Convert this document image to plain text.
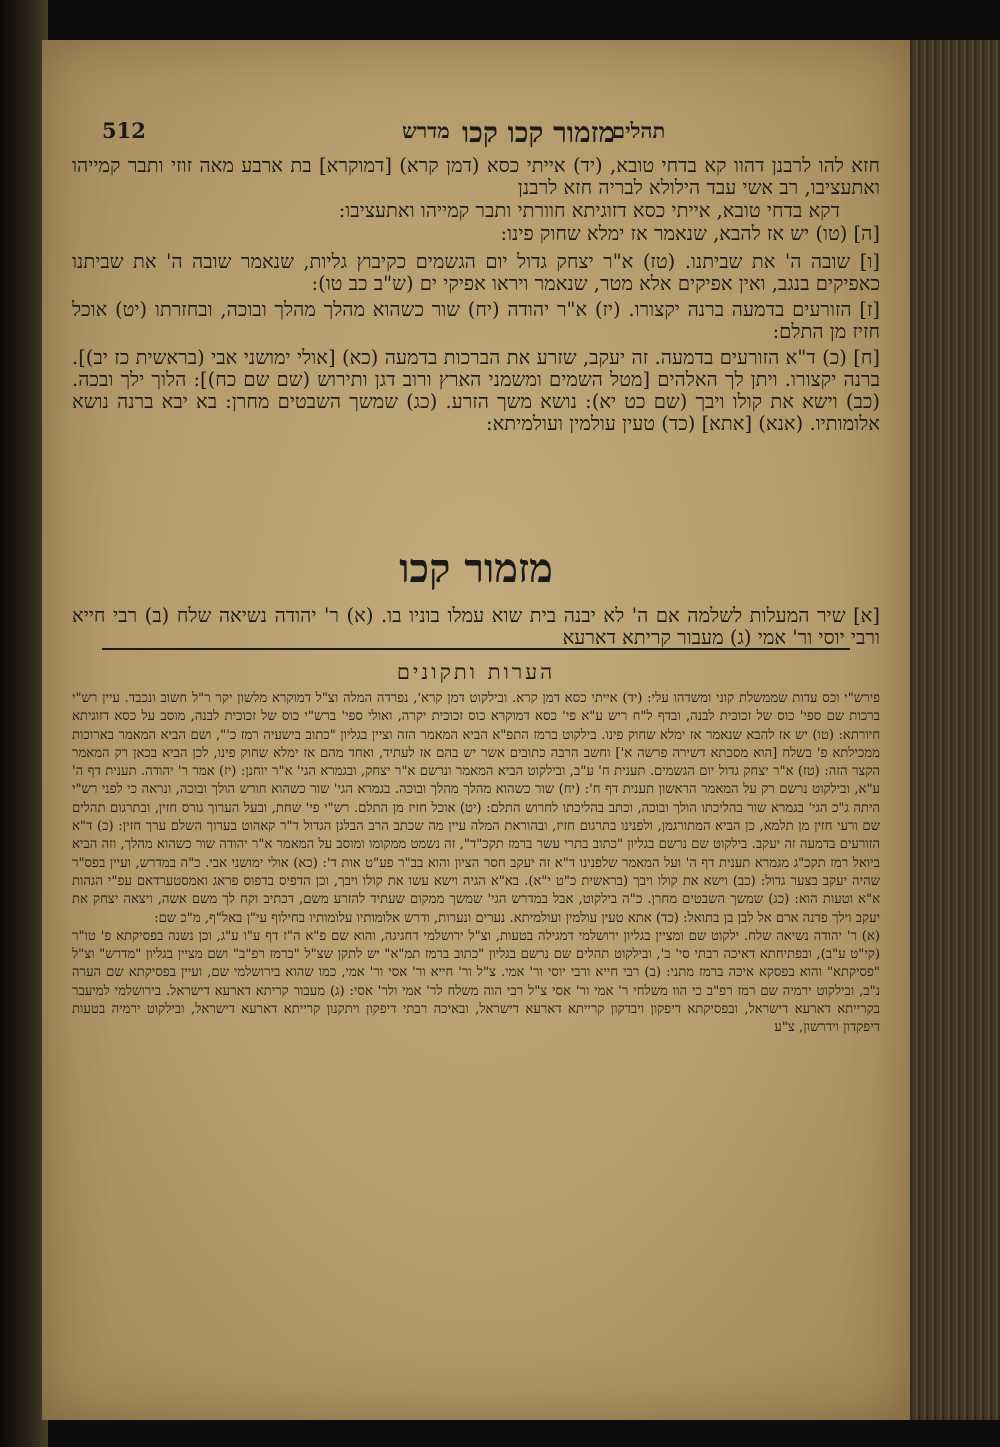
512	מדרש מזמור קכו קכו
תהלים

חזא להו לרבנן דהוו קא בדחי טובא, (יד) אייתי כסא (דמן קרא) [דמוקרא] בת ארבע מאה זוזי ותבר קמייהו ואתעציבו, רב אשי עבד הילולא לבריה חזא לרבנן

דקא בדחי טובא, אייתי כסא דזוגיתא חוורתי ותבר קמייהו ואתעציבו:

[ה] (טו) יש אז להבא, שנאמר אז ימלא שחוק פינו:

[ו] שובה ה' את שביתנו. (טז) א"ר יצחק גדול יום הגשמים כקיבוץ גליות, שנאמר שובה ה' את שביתנו כאפיקים בנגב, ואין אפיקים אלא מטר, שנאמר ויראו אפיקי ים (ש"ב כב טו):

[ז] הזורעים בדמעה ברנה יקצורו. (יז) א"ר יהודה (יח) שור כשהוא מהלך מהלך ובוכה, ובחזרתו (יט) אוכל חזיז מן התלם:

[ח] (כ) ד"א הזורעים בדמעה. זה יעקב, שזרע את הברכות בדמעה (כא) [אולי ימושני אבי (בראשית כז יב)]. ברנה יקצורו. ויתן לך האלהים [מטל השמים ומשמני הארץ ורוב דגן ותירוש (שם שם כח)]: הלוך ילך ובכה. (כב) וישא את קולו ויבך (שם כט יא): נושא משך הזרע. (כג) שמשך השבטים מחרן: בא יבא ברנה נושא אלומותיו. (אנא) [אתא] (כד) טעין עולמין ועולמיתא:

מזמור קכו

[א] שיר המעלות לשלמה אם ה' לא יבנה בית שוא עמלו בוניו בו. (א) ר' יהודה נשיאה שלח (ב) רבי חייא ורבי יוסי ור' אמי (ג) מעבור קריתא דארעא

הערות ותקונים

פירש"י וכס עדות שממשלת קוני ומשדהו עלי: (יד) אייתי כסא דמן קרא. ובילקוט דמן קרא', נפרדה המלה וצ"ל דמוקרא מלשון יקר ר"ל חשוב ונכבד. עיין רש"י ברכות שם ספי' כוס של זכוכית לבנה, ובדף ל"ח ריש ע"א פי' כסא דמוקרא כוס זכוכית יקרה, ואולי ספי' ברש"י כוס של זכוכית לבנה, מוסב על כסא דזוגיתא חיורתא: (טו) יש אז להבא שנאמר אז ימלא שחוק פינו. בילקוט ברמז התפ"א הביא המאמר הזה וציין בגליון "כתוב בישעיה רמז כ'", ושם הביא המאמר בארוכות ממכילתא פ' בשלח [הוא מסכתא דשירה פרשה א'] וחשב הרבה כתובים אשר יש בהם אז לעתיד, ואחד מהם אז ימלא שחוק פינו, לכן הביא בכאן רק המאמר הקצר הזה: (טז) א"ר יצחק גדול יום הגשמים. תענית ח' ע"ב, ובילקוט הביא המאמר ונרשם א"ר יצחק, ובגמרא הגי' א"ר יוחנן: (יז) אמר ר' יהודה. תענית דף ה' ע"א, ובילקוט נרשם רק על המאמר הראשון תענית דף ח': (יח) שור כשהוא מהלך מהלך ובוכה. בגמרא הגי' שור כשהוא חורש הולך ובוכה, ונראה כי לפני רש"י היתה ג"כ הגי' בגמרא שור בהליכתו הולך ובוכה, וכתב בהליכתו לחרוש התלם: (יט) אוכל חזיז מן התלם. רש"י פי' שחת, ובעל הערוך גורס חזין, ובתרגום תהלים שם ורעי חזין מן תלמא, כן הביא המתורגמן, ולפנינו בתרגום חזיז, ובהוראת המלה עיין מה שכתב הרב הבלגן הגדול ד"ר קאהוט בערוך השלם ערך חזין: (כ) ד"א הזורעים בדמעה זה יעקב. בילקוט שם נרשם בגליון "כתוב בתרי עשר ברמז תקכ"ד", זה נשמט ממקומו ומוסב על המאמר א"ר יהודה שור כשהוא מהלך, וזה הביא ביואל רמז תקכ"ג מגמרא תענית דף ה' ועל המאמר שלפנינו ד"א זה יעקב חסר הציון והוא בב"ר פע"ט אות ד': (כא) אולי ימושני אבי. כ"ה במדרש, ועיין בפס"ר שהיה יעקב בצער גדול: (כב) וישא את קולו ויבך (בראשית כ"ט י"א). בא"א הגיה וישא עשו את קולו ויבך, וכן הדפיס בדפוס פראג ואמסטערדאם עפ"י הגהות א"א וטעות הוא: (כג) שמשך השבטים מחרן. כ"ה בילקוט, אבל במדרש הגי' שמשך ממקום שעתיד להזרע משם, דכתיב וקח לך משם אשה, ויצאה יצחק את יעקב וילך פדנה ארם אל לבן בן בתואל: (כד) אתא טעין עולמין ועולמיתא. נערים ונערות, ודרש אלומותיו עלומותיו בחילוף עי"ן באל"ף, מ"כ שם:

(א) ר' יהודה נשיאה שלח. ילקוט שם ומציין בגליון ירושלמי דמגילה בטעות, וצ"ל ירושלמי דחגיגה, והוא שם פ"א ה"ז דף ע"ו ע"ג, וכן נשנה בפסיקתא פ' טו"ר (קי"ט ע"ב), ובפתיחתא דאיכה רבתי סי' ב', ובילקוט תהלים שם נרשם בגליון "כתוב ברמז תמ"א" יש לתקן שצ"ל "ברמז רפ"ב" ושם מציין בגליון "מדרש" וצ"ל "פסיקתא" והוא בפסקא איכה ברמז מתני: (ב) רבי חייא ורבי יוסי ור' אמי. צ"ל ור' חייא ור' אסי ור' אמי, כמו שהוא בירושלמי שם, ועיין בפסיקתא שם הערה נ"ב, ובילקוט ירמיה שם רמז רפ"ב כי הוו משלחי ר' אמי ור' אסי צ"ל רבי הוה משלח לר' אמי ולר' אסי: (ג) מעבור קריתא דארעא דישראל. בירושלמי למיעבר בקרייתא דארעא דישראל, ובפסיקתא דיפקון ויבדקון קרייתא דארעא דישראל, ובאיכה רבתי דיפקון ויתקנון קרייתא דארעא דישראל, ובילקוט ירמיה בטעות דיפקדון וידרשון, צ"ע
